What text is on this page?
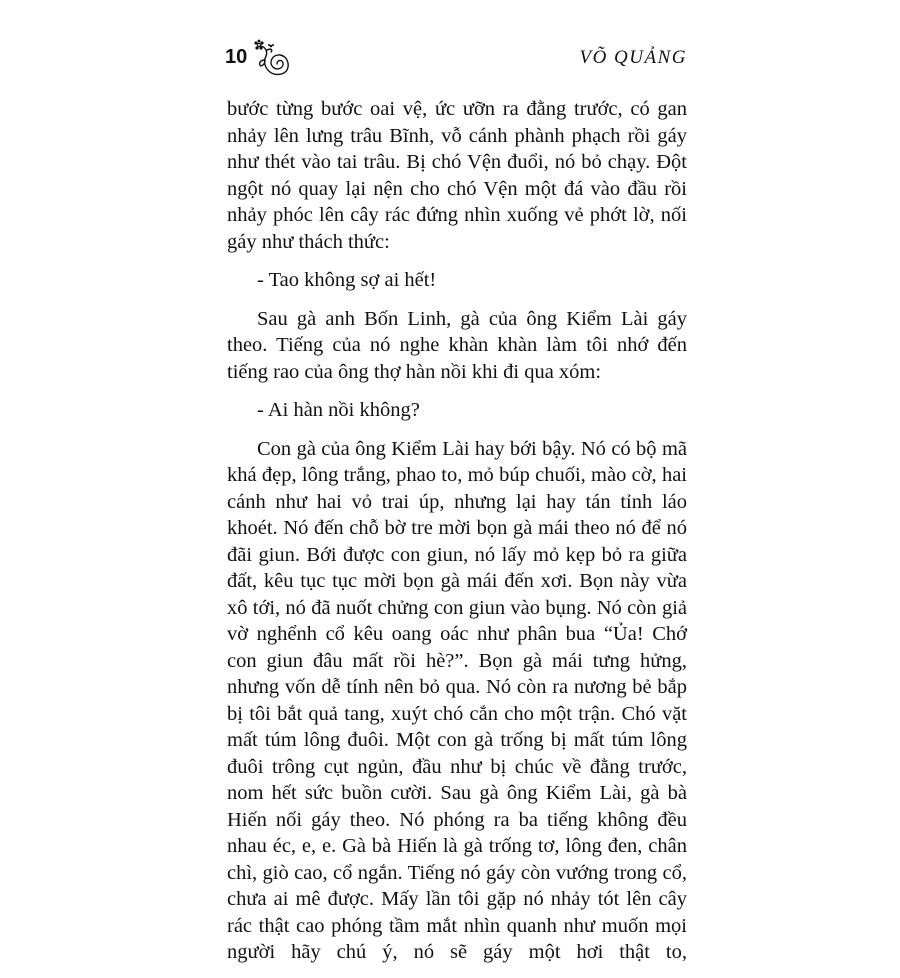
10	VÕ QUẢNG

bước từng bước oai vệ, ức ưỡn ra đằng trước, có gan nhảy lên lưng trâu Bĩnh, vỗ cánh phành phạch rồi gáy như thét vào tai trâu. Bị chó Vện đuổi, nó bỏ chạy. Đột ngột nó quay lại nện cho chó Vện một đá vào đầu rồi nhảy phóc lên cây rác đứng nhìn xuống vẻ phớt lờ, nối gáy như thách thức:

- Tao không sợ ai hết!

Sau gà anh Bốn Linh, gà của ông Kiểm Lài gáy theo. Tiếng của nó nghe khàn khàn làm tôi nhớ đến tiếng rao của ông thợ hàn nồi khi đi qua xóm:

- Ai hàn nồi không?

Con gà của ông Kiểm Lài hay bới bậy. Nó có bộ mã khá đẹp, lông trắng, phao to, mỏ búp chuối, mào cờ, hai cánh như hai vỏ trai úp, nhưng lại hay tán tỉnh láo khoét. Nó đến chỗ bờ tre mời bọn gà mái theo nó để nó đãi giun. Bới được con giun, nó lấy mỏ kẹp bỏ ra giữa đất, kêu tục tục mời bọn gà mái đến xơi. Bọn này vừa xô tới, nó đã nuốt chửng con giun vào bụng. Nó còn giả vờ nghểnh cổ kêu oang oác như phân bua “Ủa! Chớ con giun đâu mất rồi hè?”. Bọn gà mái tưng hửng, nhưng vốn dễ tính nên bỏ qua. Nó còn ra nương bẻ bắp bị tôi bắt quả tang, xuýt chó cắn cho một trận. Chó vặt mất túm lông đuôi. Một con gà trống bị mất túm lông đuôi trông cụt ngủn, đầu như bị chúc về đằng trước, nom hết sức buồn cười. Sau gà ông Kiểm Lài, gà bà Hiến nối gáy theo. Nó phóng ra ba tiếng không đều nhau éc, e, e. Gà bà Hiến là gà trống tơ, lông đen, chân chì, giò cao, cổ ngắn. Tiếng nó gáy còn vướng trong cổ, chưa ai mê được. Mấy lần tôi gặp nó nhảy tót lên cây rác thật cao phóng tầm mắt nhìn quanh như muốn mọi người hãy chú ý, nó sẽ gáy một hơi thật to,
